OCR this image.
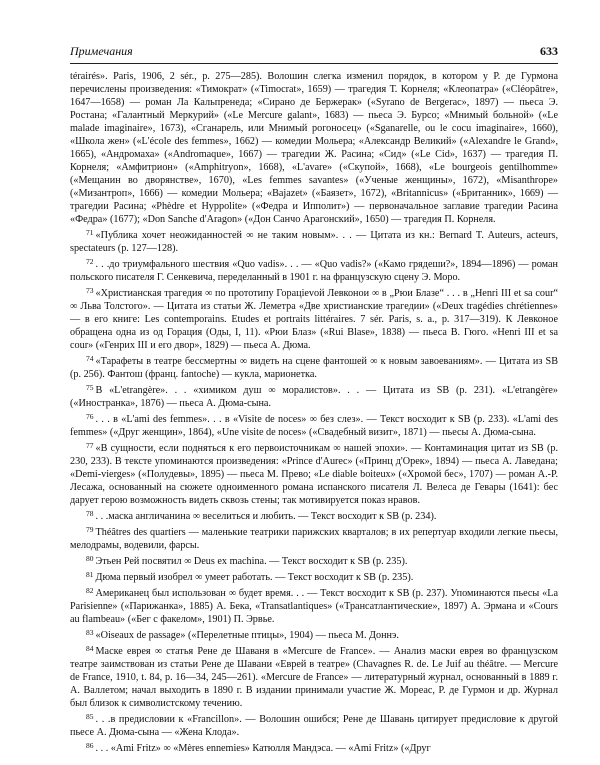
Примечания	633

térairés». Paris, 1906, 2 sér., p. 275—285). Волошин слегка изменил порядок, в котором у Р. де Гурмона перечислены произведения: «Тимократ» («Timocrat», 1659) — трагедия Т. Корнеля; «Клеопатра» («Cléopâtre», 1647—1658) — роман Ла Кальпренеда; «Сирано де Бержерак» («Syrano de Bergerac», 1897) — пьеса Э. Ростана; «Галантный Меркурий» («Le Mercure galant», 1683) — пьеса Э. Бурсо; «Мнимый больной» («Le malade imaginaire», 1673), «Сганарель, или Мнимый рогоносец» («Sganarelle, ou le cocu imaginaire», 1660), «Школа жен» («L'école des femmes», 1662) — комедии Мольера; «Александр Великий» («Alexandre le Grand», 1665), «Андромаха» («Andromaque», 1667) — трагедии Ж. Расина; «Сид» («Le Cid», 1637) — трагедия П. Корнеля; «Амфитрион» («Amphitryon», 1668), «L'avare» («Скупой», 1668), «Le bourgeois gentilhomme» («Мещанин во дворянстве», 1670), «Les femmes savantes» («Ученые женщины», 1672), «Misanthrope» («Мизантроп», 1666) — комедии Мольера; «Bajazet» («Баязет», 1672), «Britannicus» («Британник», 1669) — трагедии Расина; «Phèdre et Hyppolite» («Федра и Ипполит») — первоначальное заглавие трагедии Расина «Федра» (1677); «Don Sanche d'Aragon» («Дон Санчо Арагонский», 1650) — трагедия П. Корнеля.

$^{71}$ «Публика хочет неожиданностей ∞ не таким новым». . . — Цитата из кн.: Bernard T. Auteurs, acteurs, spectateurs (p. 127—128).

$^{72}$ . . .до триумфального шествия «Quo vadis». . . — «Quo vadis?» («Камо грядеши?», 1894—1896) — роман польского писателя Г. Сенкевича, переделанный в 1901 г. на французскую сцену Э. Моро.

$^{73}$ «Христианская трагедия ∞ по прототипу Горацievой Левконои ∞ в „Рюи Блазе“ . . . в „Henri III et sa cour“ ∞ Льва Толстого». — Цитата из статьи Ж. Леметра «Две христианские трагедии» («Deux tragédies chrétiennes» — в его книге: Les contemporains. Etudes et portraits littéraires. 7 sér. Paris, s. a., p. 317—319). К Левконое обращена одна из од Горация (Оды, I, 11). «Рюи Блаз» («Rui Blase», 1838) — пьеса В. Гюго. «Henri III et sa cour» («Генрих III и его двор», 1829) — пьеса А. Дюма.

$^{74}$ «Тарафеты в театре бессмертны ∞ видеть на сцене фантошей ∞ к новым завоеваниям». — Цитата из SB (p. 256). Фантош (франц. fantoche) — кукла, марионетка.

$^{75}$ В «L'etrangère». . . «химиком душ ∞ моралистов». . . — Цитата из SB (p. 231). «L'etrangère» («Иностранка», 1876) — пьеса А. Дюма-сына.

$^{76}$ . . . в «L'ami des femmes». . . в «Visite de noces» ∞ без слез». — Текст восходит к SB (p. 233). «L'ami des femmes» («Друг женщин», 1864), «Une visite de noces» («Свадебный визит», 1871) — пьесы А. Дюма-сына.

$^{77}$ «В сущности, если подняться к его первоисточникам ∞ нашей эпохи». — Контаминация цитат из SB (p. 230, 233). В тексте упоминаются произведения: «Prince d'Aurec» («Принц д'Орек», 1894) — пьеса А. Лаведана; «Demi-vierges» («Полудевы», 1895) — пьеса М. Прево; «Le diable boiteux» («Хромой бес», 1707) — роман А.-Р. Лесажа, основанный на сюжете одноименного романа испанского писателя Л. Велеса де Гевары (1641): бес дарует герою возможность видеть сквозь стены; так мотивируется показ нравов.

$^{78}$ . . .маска англичанина ∞ веселиться и любить. — Текст восходит к SB (p. 234).

$^{79}$ Théâtres des quartiers — маленькие театрики парижских кварталов; в их репертуар входили легкие пьесы, мелодрамы, водевили, фарсы.

$^{80}$ Этьен Рей посвятил ∞ Deus ex machina. — Текст восходит к SB (p. 235).

$^{81}$ Дюма первый изобрел ∞ умеет работать. — Текст восходит к SB (p. 235).

$^{82}$ Американец был использован ∞ будет время. . . — Текст восходит к SB (p. 237). Упоминаются пьесы «La Parisienne» («Парижанка», 1885) А. Бека, «Transatlantiques» («Трансатлантические», 1897) А. Эрмана и «Cours au flambeau» («Бег с факелом», 1901) П. Эрвье.

$^{83}$ «Oiseaux de passage» («Перелетные птицы», 1904) — пьеса М. Доннэ.

$^{84}$ Маске еврея ∞ статья Рене де Шаваня в «Mercure de France». — Анализ маски еврея во французском театре заимствован из статьи Рене де Шавани «Еврей в театре» (Chavagnes R. de. Le Juif au théâtre. — Mercure de France, 1910, t. 84, p. 16—34, 245—261). «Mercure de France» — литературный журнал, основанный в 1889 г. А. Валлетом; начал выходить в 1890 г. В издании принимали участие Ж. Мореас, Р. де Гурмон и др. Журнал был близок к символистскому течению.

$^{85}$ . . .в предисловии к «Francillon». — Волошин ошибся; Рене де Шавань цитирует предисловие к другой пьесе А. Дюма-сына — «Жена Клода».

$^{86}$ . . . «Ami Fritz» ∞ «Mères ennemies» Катюлля Мандэса. — «Ami Fritz» («Друг
